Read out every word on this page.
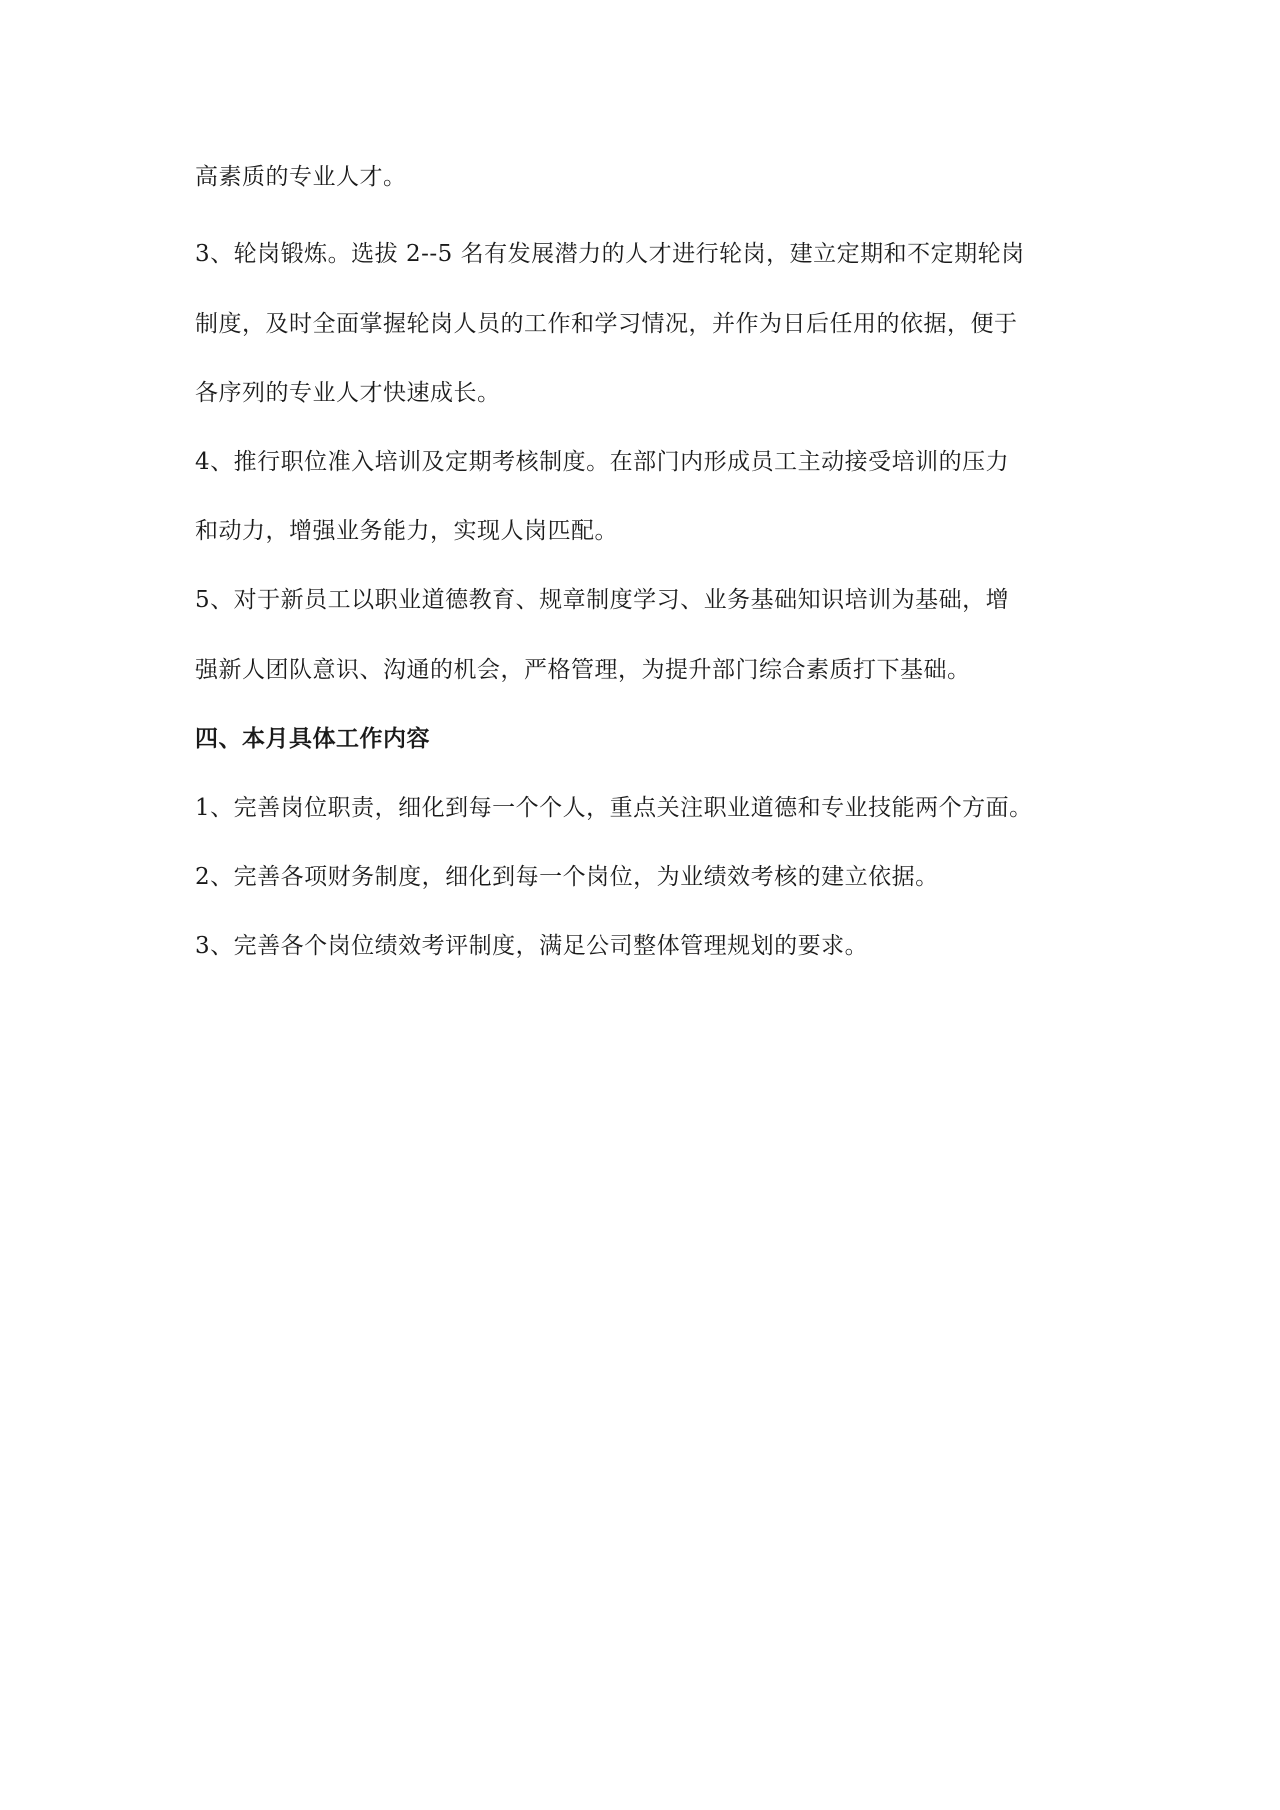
高素质的专业人才。
3、轮岗锻炼。选拔 2--5 名有发展潜力的人才进行轮岗，建立定期和不定期轮岗
制度，及时全面掌握轮岗人员的工作和学习情况，并作为日后任用的依据，便于
各序列的专业人才快速成长。
4、推行职位准入培训及定期考核制度。在部门内形成员工主动接受培训的压力
和动力，增强业务能力，实现人岗匹配。
5、对于新员工以职业道德教育、规章制度学习、业务基础知识培训为基础，增
强新人团队意识、沟通的机会，严格管理，为提升部门综合素质打下基础。
四、本月具体工作内容
1、完善岗位职责，细化到每一个个人，重点关注职业道德和专业技能两个方面。
2、完善各项财务制度，细化到每一个岗位，为业绩效考核的建立依据。
3、完善各个岗位绩效考评制度，满足公司整体管理规划的要求。
